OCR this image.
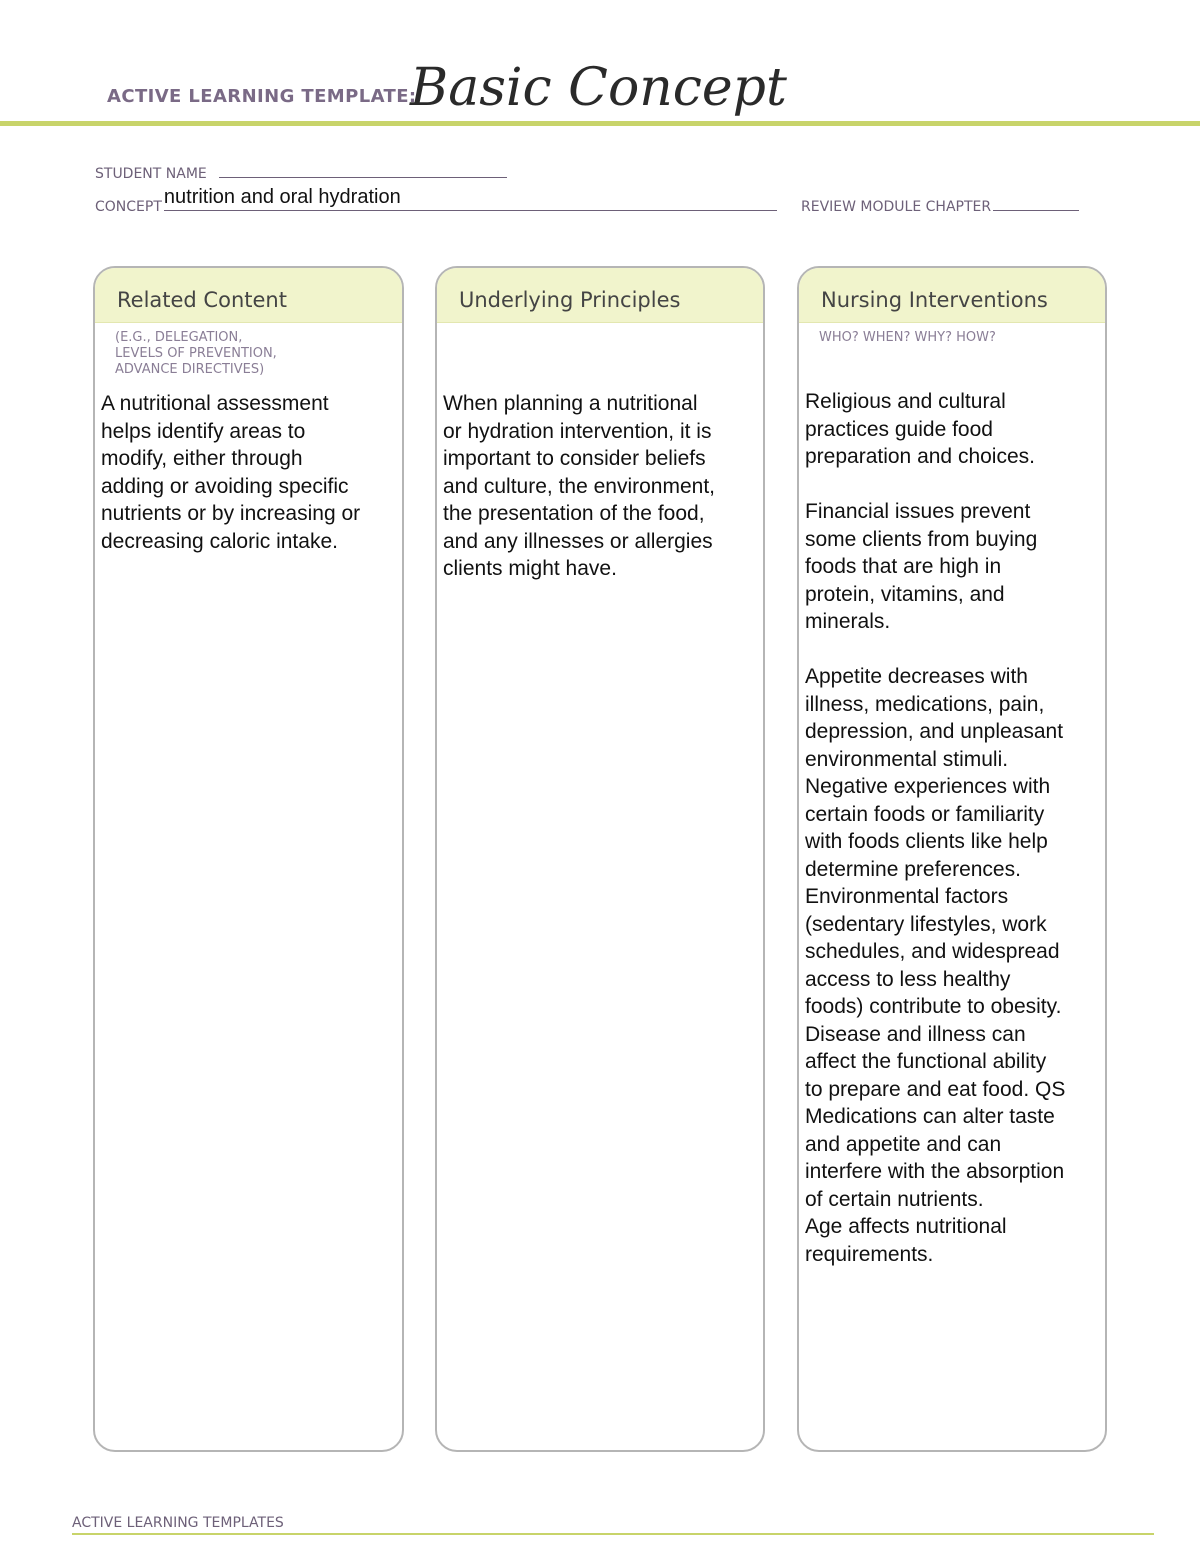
ACTIVE LEARNING TEMPLATE:
Basic Concept
STUDENT NAME
CONCEPT nutrition and oral hydration	REVIEW MODULE CHAPTER
Related Content
(E.G., DELEGATION,
LEVELS OF PREVENTION,
ADVANCE DIRECTIVES)
A nutritional assessment
helps identify areas to
modify, either through
adding or avoiding specific
nutrients or by increasing or
decreasing caloric intake.
Underlying Principles
When planning a nutritional
or hydration intervention, it is
important to consider beliefs
and culture, the environment,
the presentation of the food,
and any illnesses or allergies
clients might have.
Nursing Interventions
WHO? WHEN? WHY? HOW?
Religious and cultural
practices guide food
preparation and choices.

Financial issues prevent
some clients from buying
foods that are high in
protein, vitamins, and
minerals.

Appetite decreases with
illness, medications, pain,
depression, and unpleasant
environmental stimuli.
Negative experiences with
certain foods or familiarity
with foods clients like help
determine preferences.
Environmental factors
(sedentary lifestyles, work
schedules, and widespread
access to less healthy
foods) contribute to obesity.
Disease and illness can
affect the functional ability
to prepare and eat food. QS
Medications can alter taste
and appetite and can
interfere with the absorption
of certain nutrients.
Age affects nutritional
requirements.
ACTIVE LEARNING TEMPLATES
